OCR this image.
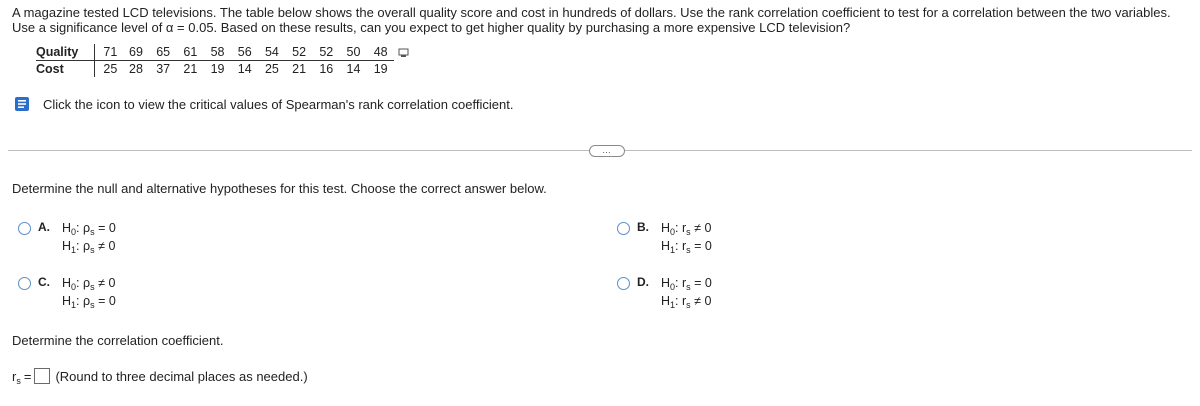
A magazine tested LCD televisions. The table below shows the overall quality score and cost in hundreds of dollars. Use the rank correlation coefficient to test for a correlation between the two variables. Use a significance level of α = 0.05. Based on these results, can you expect to get higher quality by purchasing a more expensive LCD television?
Quality	71	69	65	61	58	56	54	52	52	50	48	
Cost	25	28	37	21	19	14	25	21	16	14	19	
Click the icon to view the critical values of Spearman's rank correlation coefficient.
…
Determine the null and alternative hypotheses for this test. Choose the correct answer below.
A. $H_0$: $\rho_s = 0$
$H_1$: $\rho_s \ne 0$
B. $H_0$: $r_s \ne 0$
$H_1$: $r_s = 0$
C. $H_0$: $\rho_s \ne 0$
$H_1$: $\rho_s = 0$
D. $H_0$: $r_s = 0$
$H_1$: $r_s \ne 0$
Determine the correlation coefficient.
$r_s$ = (Round to three decimal places as needed.)
